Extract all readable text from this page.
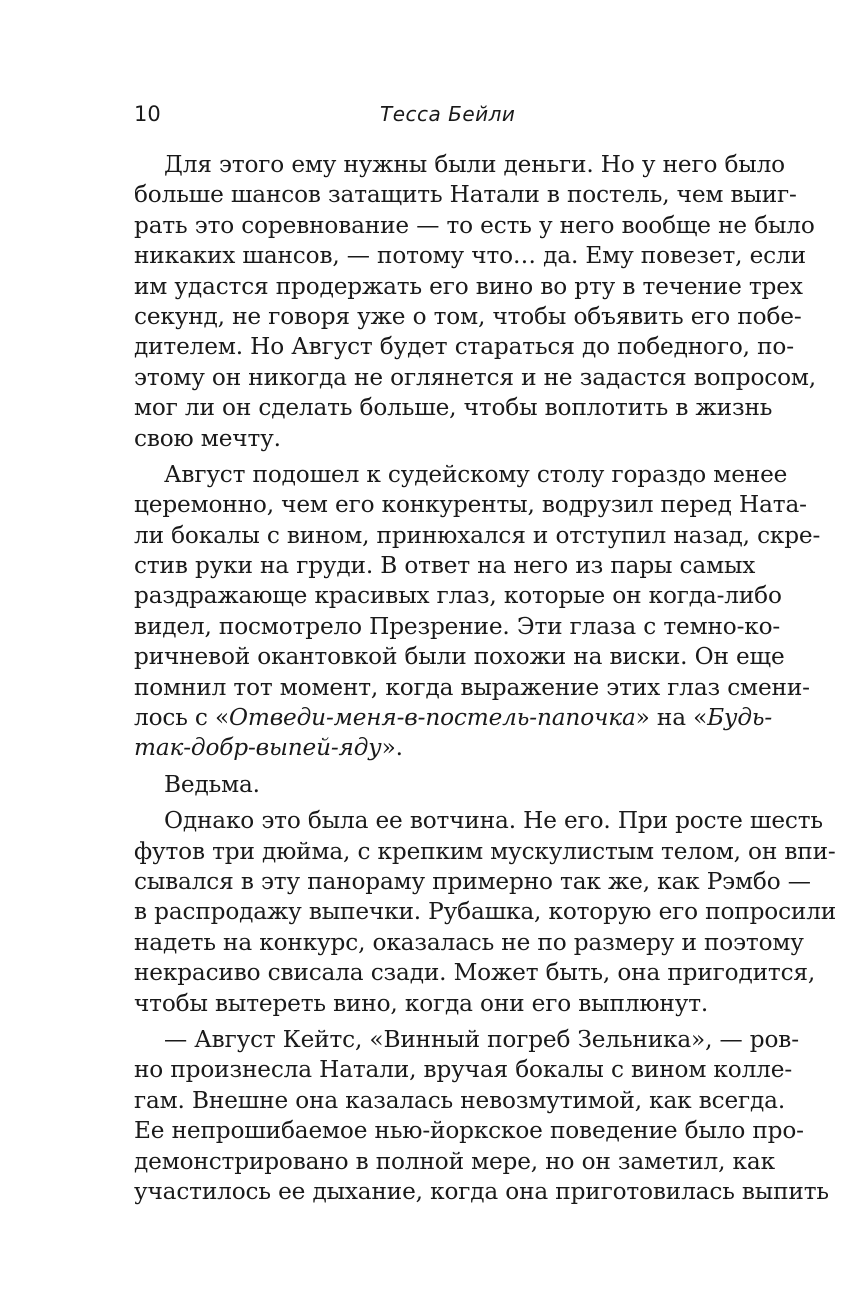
10	Тесса Бейли
Для этого ему нужны были деньги. Но у него было
больше шансов затащить Натали в постель, чем выиг-
рать это соревнование — то есть у него вообще не было
никаких шансов, — потому что… да. Ему повезет, если
им удастся продержать его вино во рту в течение трех
секунд, не говоря уже о том, чтобы объявить его побе-
дителем. Но Август будет стараться до победного, по-
этому он никогда не оглянется и не задастся вопросом,
мог ли он сделать больше, чтобы воплотить в жизнь
свою мечту.
Август подошел к судейскому столу гораздо менее
церемонно, чем его конкуренты, водрузил перед Ната-
ли бокалы с вином, принюхался и отступил назад, скре-
стив руки на груди. В ответ на него из пары самых
раздражающе красивых глаз, которые он когда-либо
видел, посмотрело Презрение. Эти глаза с темно-ко-
ричневой окантовкой были похожи на виски. Он еще
помнил тот момент, когда выражение этих глаз смени-
лось с «Отведи-меня-в-постель-папочка» на «Будь-
так-добр-выпей-яду».
Ведьма.
Однако это была ее вотчина. Не его. При росте шесть
футов три дюйма, с крепким мускулистым телом, он впи-
сывался в эту панораму примерно так же, как Рэмбо —
в распродажу выпечки. Рубашка, которую его попросили
надеть на конкурс, оказалась не по размеру и поэтому
некрасиво свисала сзади. Может быть, она пригодится,
чтобы вытереть вино, когда они его выплюнут.
— Август Кейтс, «Винный погреб Зельника», — ров-
но произнесла Натали, вручая бокалы с вином колле-
гам. Внешне она казалась невозмутимой, как всегда.
Ее непрошибаемое нью-йоркское поведение было про-
демонстрировано в полной мере, но он заметил, как
участилось ее дыхание, когда она приготовилась выпить
